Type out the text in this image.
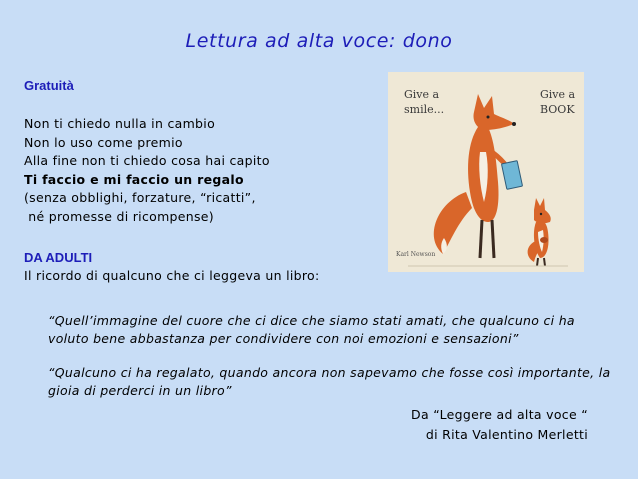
Lettura ad alta voce: dono
Gratuità
Non ti chiedo nulla in cambio
Non lo uso come premio
Alla fine non ti chiedo cosa hai capito
Ti faccio e mi faccio un regalo
(senza obblighi, forzature, “ricatti”,
né promesse di ricompense)
DA ADULTI
Il ricordo di qualcuno che ci leggeva un libro:
“Quell’immagine del cuore che ci dice che siamo stati amati, che qualcuno ci ha voluto bene abbastanza per condividere con noi emozioni e sensazioni”
“Qualcuno ci ha regalato, quando ancora non sapevamo che fosse così importante, la gioia di perderci in un libro”
Da “Leggere ad alta voce “
di Rita Valentino Merletti
Give a
smile...
Give a
BOOK
Karl Newson
